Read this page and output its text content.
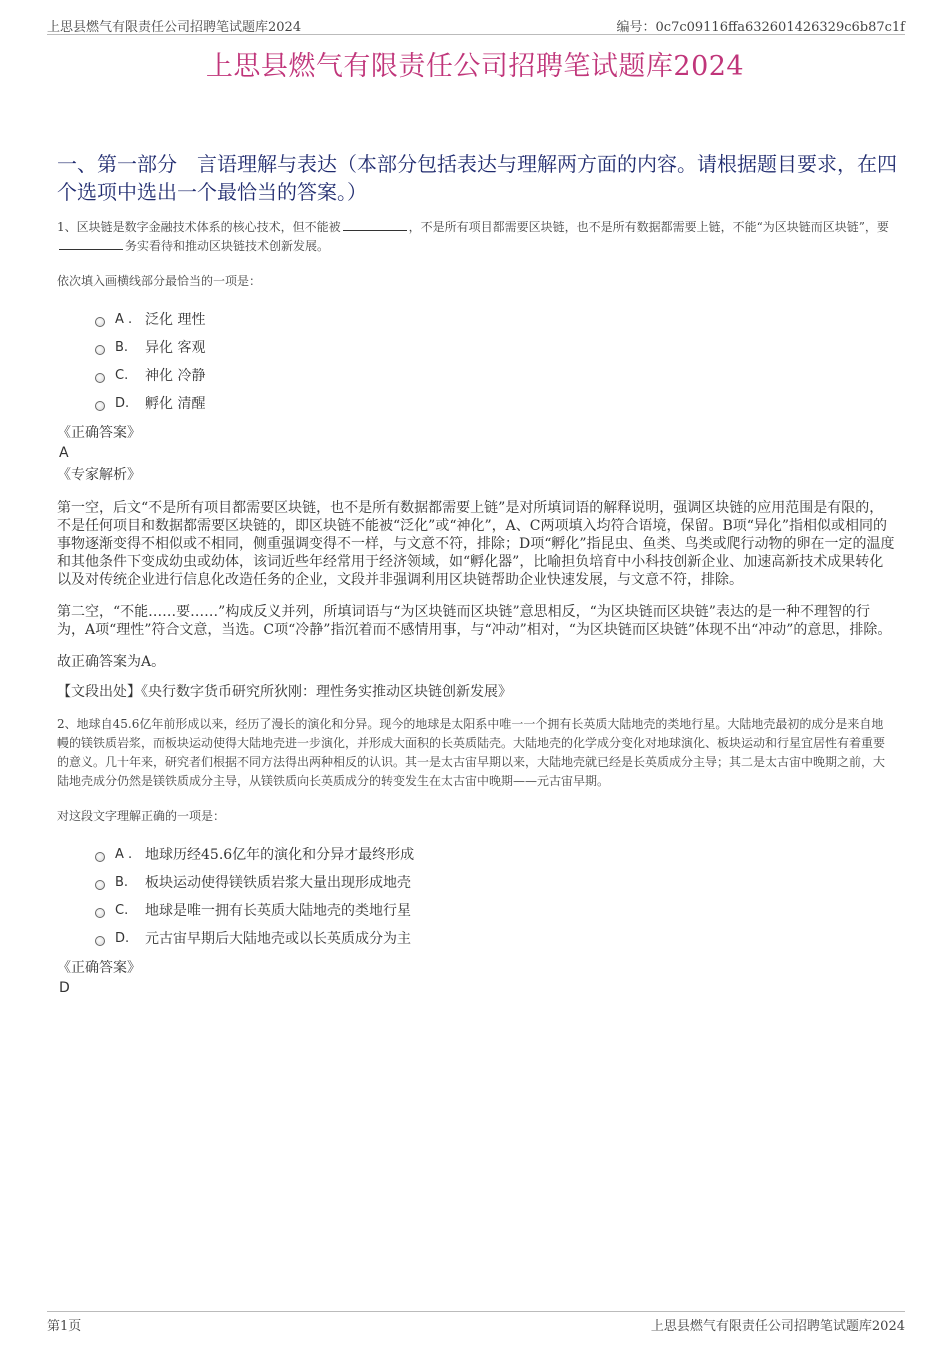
上思县燃气有限责任公司招聘笔试题库2024	编号：0c7c09116ffa632601426329c6b87c1f
上思县燃气有限责任公司招聘笔试题库2024
一、第一部分　言语理解与表达（本部分包括表达与理解两方面的内容。请根据题目要求，在四个选项中选出一个最恰当的答案。）

1、区块链是数字金融技术体系的核心技术，但不能被	，不是所有项目都需要区块链，也不是所有数据都需要上链，不能“为区块链而区块链”，要务实看待和推动区块链技术创新发展。

依次填入画横线部分最恰当的一项是：

A . 泛化 理性
B.	异化 客观
C.	神化 冷静
D.	孵化 清醒

《正确答案》

A

《专家解析》

第一空，后文“不是所有项目都需要区块链，也不是所有数据都需要上链”是对所填词语的解释说明，强调区块链的应用范围是有限的，不是任何项目和数据都需要区块链的，即区块链不能被“泛化”或“神化”，A、C两项填入均符合语境，保留。B项“异化”指相似或相同的事物逐渐变得不相似或不相同，侧重强调变得不一样，与文意不符，排除；D项“孵化”指昆虫、鱼类、鸟类或爬行动物的卵在一定的温度和其他条件下变成幼虫或幼体，该词近些年经常用于经济领域，如“孵化器”，比喻担负培育中小科技创新企业、加速高新技术成果转化以及对传统企业进行信息化改造任务的企业，文段并非强调利用区块链帮助企业快速发展，与文意不符，排除。

第二空，“不能……要……”构成反义并列，所填词语与“为区块链而区块链”意思相反，“为区块链而区块链”表达的是一种不理智的行为，A项“理性”符合文意，当选。C项“冷静”指沉着而不感情用事，与“冲动”相对，“为区块链而区块链”体现不出“冲动”的意思，排除。

故正确答案为A。

【文段出处】《央行数字货币研究所狄刚：理性务实推动区块链创新发展》

2、地球自45.6亿年前形成以来，经历了漫长的演化和分异。现今的地球是太阳系中唯一一个拥有长英质大陆地壳的类地行星。大陆地壳最初的成分是来自地幔的镁铁质岩浆，而板块运动使得大陆地壳进一步演化，并形成大面积的长英质陆壳。大陆地壳的化学成分变化对地球演化、板块运动和行星宜居性有着重要的意义。几十年来，研究者们根据不同方法得出两种相反的认识。其一是太古宙早期以来，大陆地壳就已经是长英质成分主导；其二是太古宙中晚期之前，大陆地壳成分仍然是镁铁质成分主导，从镁铁质向长英质成分的转变发生在太古宙中晚期——元古宙早期。

对这段文字理解正确的一项是：

A . 地球历经45.6亿年的演化和分异才最终形成
B.	板块运动使得镁铁质岩浆大量出现形成地壳
C.	地球是唯一拥有长英质大陆地壳的类地行星
D.	元古宙早期后大陆地壳或以长英质成分为主

《正确答案》

D

第1页	上思县燃气有限责任公司招聘笔试题库2024
